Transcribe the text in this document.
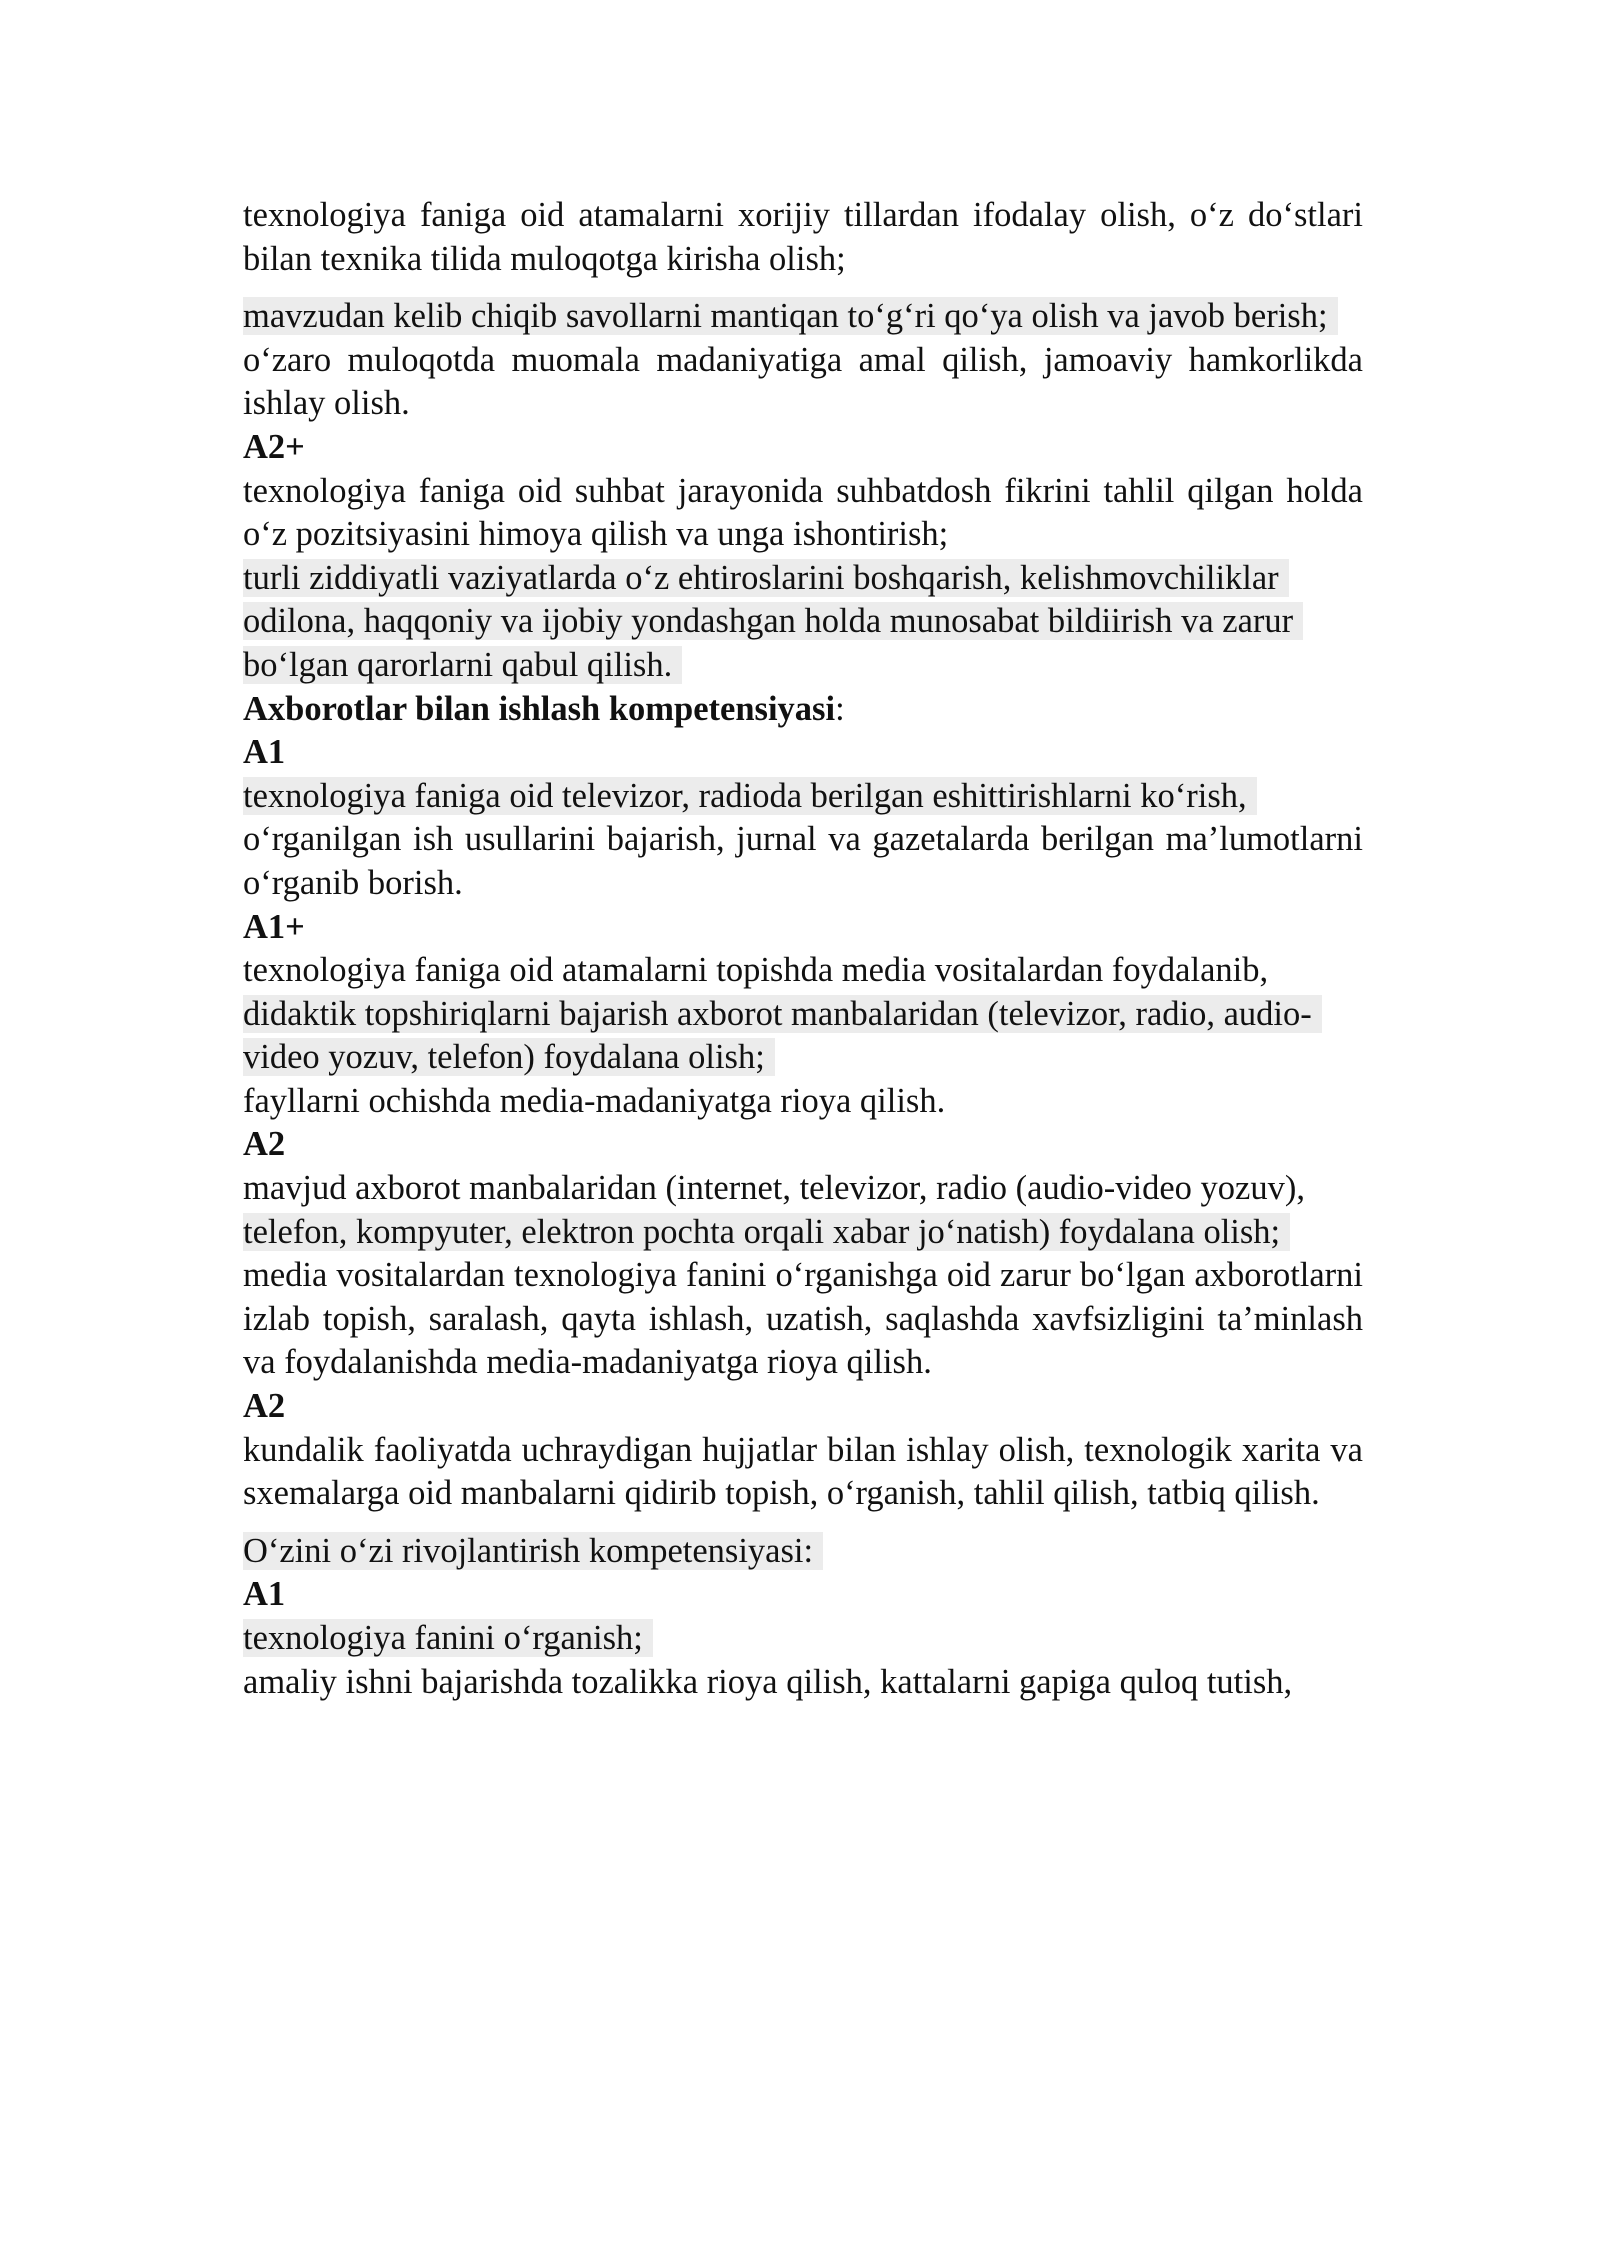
texnologiya faniga oid atamalarni xorijiy tillardan ifodalay olish, o‘z do‘stlari bilan texnika tilida muloqotga kirisha olish;

mavzudan kelib chiqib savollarni mantiqan to‘g‘ri qo‘ya olish va javob berish;

o‘zaro muloqotda muomala madaniyatiga amal qilish, jamoaviy hamkorlikda ishlay olish.

A2+

texnologiya faniga oid suhbat jarayonida suhbatdosh fikrini tahlil qilgan holda o‘z pozitsiyasini himoya qilish va unga ishontirish;

turli ziddiyatli vaziyatlarda o‘z ehtiroslarini boshqarish, kelishmovchiliklar odilona, haqqoniy va ijobiy yondashgan holda munosabat bildiirish va zarur bo‘lgan qarorlarni qabul qilish.

Axborotlar bilan ishlash kompetensiyasi:

A1

texnologiya faniga oid televizor, radioda berilgan eshittirishlarni ko‘rish,

o‘rganilgan ish usullarini bajarish, jurnal va gazetalarda berilgan ma’lumotlarni o‘rganib borish.

A1+

texnologiya faniga oid atamalarni topishda media vositalardan foydalanib,

didaktik topshiriqlarni bajarish axborot manbalaridan (televizor, radio, audio-video yozuv, telefon) foydalana olish;

fayllarni ochishda media-madaniyatga rioya qilish.

A2

mavjud axborot manbalaridan (internet, televizor, radio (audio-video yozuv),

telefon, kompyuter, elektron pochta orqali xabar jo‘natish) foydalana olish;

media vositalardan texnologiya fanini o‘rganishga oid zarur bo‘lgan axborotlarni izlab topish, saralash, qayta ishlash, uzatish, saqlashda xavfsizligini ta’minlash va foydalanishda media-madaniyatga rioya qilish.

A2

kundalik faoliyatda uchraydigan hujjatlar bilan ishlay olish, texnologik xarita va sxemalarga oid manbalarni qidirib topish, o‘rganish, tahlil qilish, tatbiq qilish.

O‘zini o‘zi rivojlantirish kompetensiyasi:

A1

texnologiya fanini o‘rganish;

amaliy ishni bajarishda tozalikka rioya qilish, kattalarni gapiga quloq tutish,
